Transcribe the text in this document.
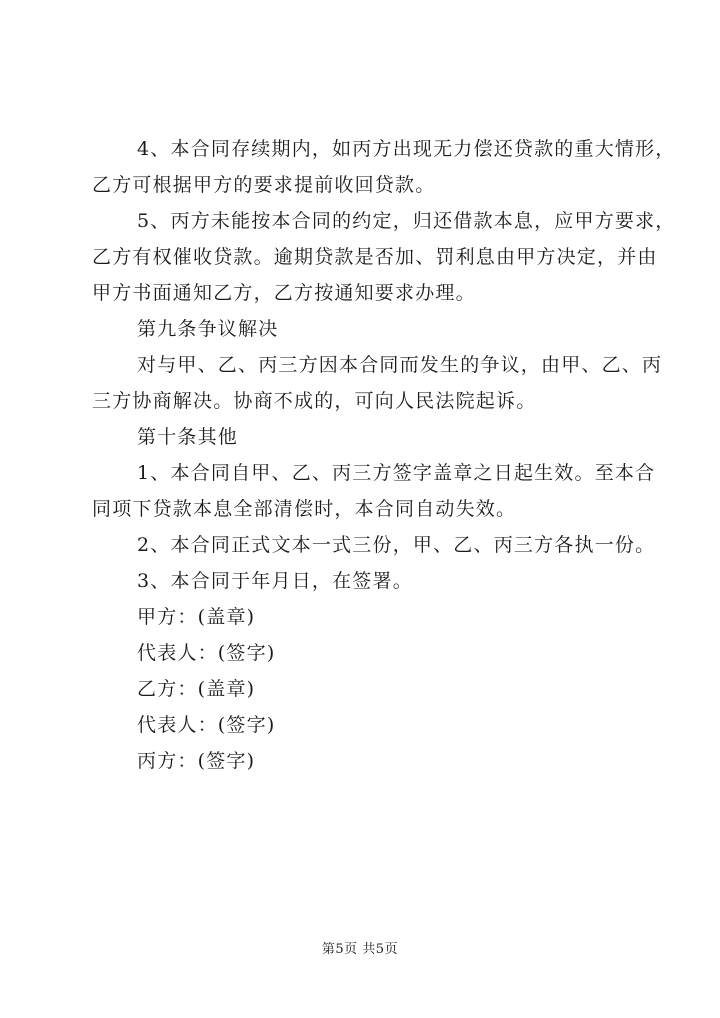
4、本合同存续期内，如丙方出现无力偿还贷款的重大情形，
乙方可根据甲方的要求提前收回贷款。
5、丙方未能按本合同的约定，归还借款本息，应甲方要求，
乙方有权催收贷款。逾期贷款是否加、罚利息由甲方决定，并由
甲方书面通知乙方，乙方按通知要求办理。
第九条争议解决
对与甲、乙、丙三方因本合同而发生的争议，由甲、乙、丙
三方协商解决。协商不成的，可向人民法院起诉。
第十条其他
1、本合同自甲、乙、丙三方签字盖章之日起生效。至本合
同项下贷款本息全部清偿时，本合同自动失效。
2、本合同正式文本一式三份，甲、乙、丙三方各执一份。
3、本合同于年月日，在签署。
甲方：(盖章)
代表人：(签字)
乙方：(盖章)
代表人：(签字)
丙方：(签字)
第5页 共5页
